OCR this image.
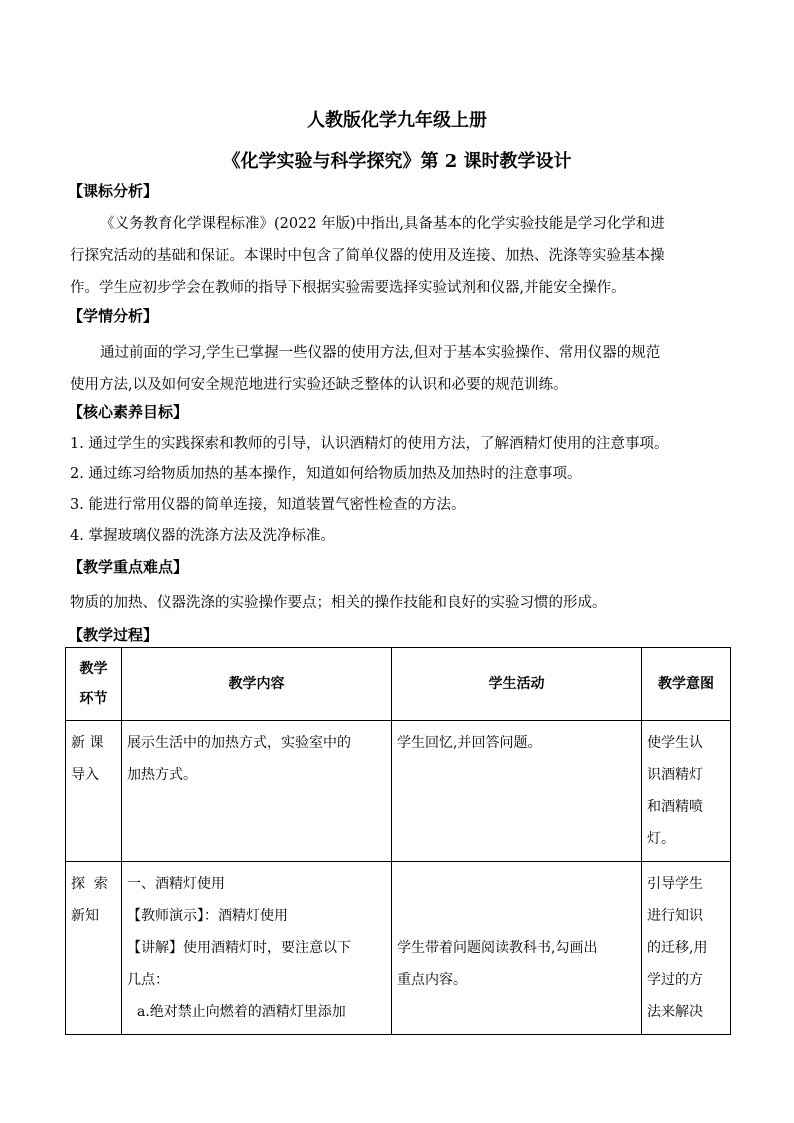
人教版化学九年级上册
《化学实验与科学探究》第 2 课时教学设计
【课标分析】

《义务教育化学课程标准》(2022 年版)中指出,具备基本的化学实验技能是学习化学和进

行探究活动的基础和保证。本课时中包含了简单仪器的使用及连接、加热、洗涤等实验基本操

作。学生应初步学会在教师的指导下根据实验需要选择实验试剂和仪器,并能安全操作。

【学情分析】

通过前面的学习,学生已掌握一些仪器的使用方法,但对于基本实验操作、常用仪器的规范

使用方法,以及如何安全规范地进行实验还缺乏整体的认识和必要的规范训练。

【核心素养目标】
1. 通过学生的实践探索和教师的引导，认识酒精灯的使用方法，了解酒精灯使用的注意事项。
2. 通过练习给物质加热的基本操作，知道如何给物质加热及加热时的注意事项。
3. 能进行常用仪器的简单连接，知道装置气密性检查的方法。
4. 掌握玻璃仪器的洗涤方法及洗净标准。
【教学重点难点】
物质的加热、仪器洗涤的实验操作要点；相关的操作技能和良好的实验习惯的形成。
【教学过程】
教学
环节	教学内容	学生活动	教学意图

新 课
导入	展示生活中的加热方式，实验室中的
加热方式。	学生回忆,并回答问题。	使学生认
识酒精灯
和酒精喷
灯。

探  索
新知	一、酒精灯使用
【教师演示】：酒精灯使用
【讲解】使用酒精灯时，要注意以下
几点：
a.绝对禁止向燃着的酒精灯里添加	学生带着问题阅读教科书,勾画出
重点内容。	引导学生
进行知识
的迁移,用
学过的方
法来解决
